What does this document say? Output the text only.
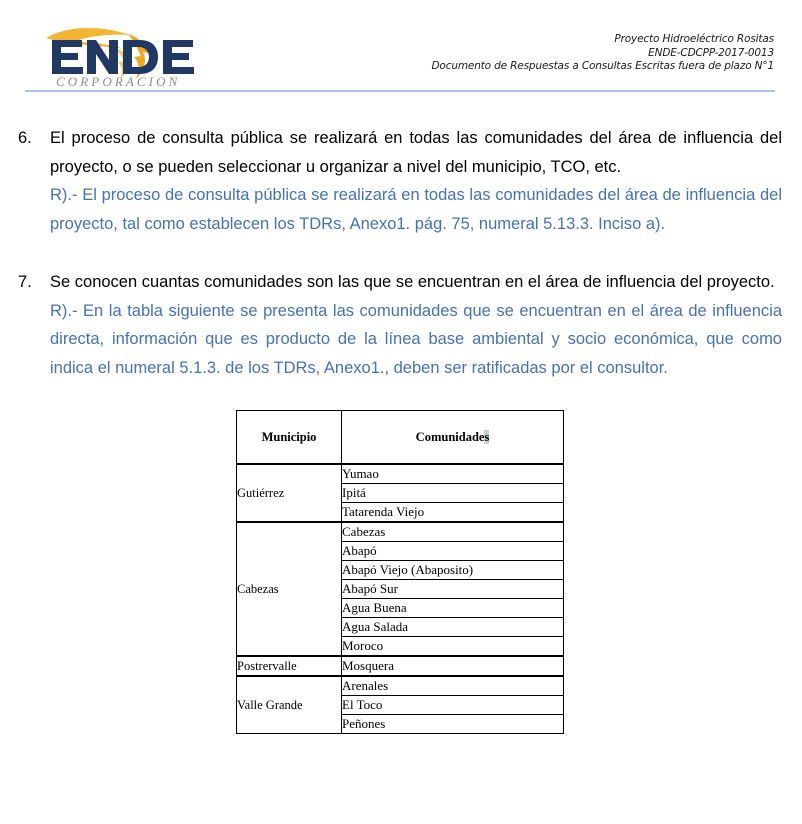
CORPORACION
Proyecto Hidroeléctrico Rositas
ENDE-CDCPP-2017-0013
Documento de Respuestas a Consultas Escritas fuera de plazo N°1
6. El proceso de consulta pública se realizará en todas las comunidades del área de influencia del proyecto, o se pueden seleccionar u organizar a nivel del municipio, TCO, etc.

R).- El proceso de consulta pública se realizará en todas las comunidades del área de influencia del proyecto, tal como establecen los TDRs, Anexo1. pág. 75, numeral 5.13.3. Inciso a).

7. Se conocen cuantas comunidades son las que se encuentran en el área de influencia del proyecto.

R).- En la tabla siguiente se presenta las comunidades que se encuentran en el área de influencia directa, información que es producto de la línea base ambiental y socio económica, que como indica el numeral 5.1.3. de los TDRs, Anexo1., deben ser ratificadas por el consultor.

Municipio	Comunidades
Gutiérrez	Yumao
	Ipitá
	Tatarenda Viejo
Cabezas	Cabezas
	Abapó
	Abapó Viejo (Abaposito)
	Abapó Sur
	Agua Buena
	Agua Salada
	Moroco
Postrervalle	Mosquera
Valle Grande	Arenales
	El Toco
	Peñones
